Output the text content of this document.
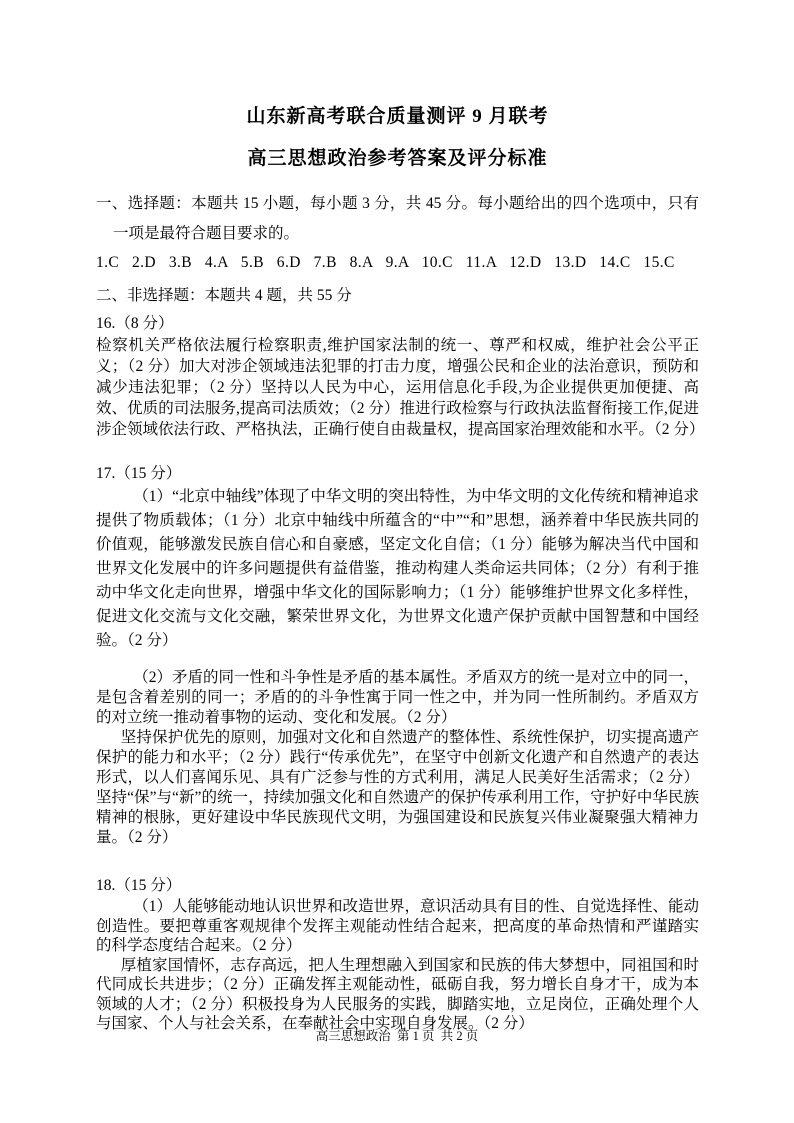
山东新高考联合质量测评 9 月联考
高三思想政治参考答案及评分标准

一、选择题：本题共 15 小题，每小题 3 分，共 45 分。每小题给出的四个选项中，只有一项是最符合题目要求的。

1.C   2.D   3.B   4.A   5.B   6.D   7.B   8.A   9.A   10.C   11.A   12.D   13.D   14.C   15.C

二、非选择题：本题共 4 题，共 55 分

16.（8 分）

检察机关严格依法履行检察职责,维护国家法制的统一、尊严和权威，维护社会公平正义；（2 分）加大对涉企领域违法犯罪的打击力度，增强公民和企业的法治意识，预防和减少违法犯罪；（2 分）坚持以人民为中心，运用信息化手段,为企业提供更加便捷、高效、优质的司法服务,提高司法质效；（2 分）推进行政检察与行政执法监督衔接工作,促进涉企领域依法行政、严格执法，正确行使自由裁量权，提高国家治理效能和水平。（2 分）

17.（15 分）

（1）“北京中轴线”体现了中华文明的突出特性，为中华文明的文化传统和精神追求提供了物质载体；（1 分）北京中轴线中所蕴含的“中”“和”思想，涵养着中华民族共同的价值观，能够激发民族自信心和自豪感，坚定文化自信；（1 分）能够为解决当代中国和世界文化发展中的许多问题提供有益借鉴，推动构建人类命运共同体；（2 分）有利于推动中华文化走向世界，增强中华文化的国际影响力；（1 分）能够维护世界文化多样性，促进文化交流与文化交融，繁荣世界文化，为世界文化遗产保护贡献中国智慧和中国经验。（2 分）

（2）矛盾的同一性和斗争性是矛盾的基本属性。矛盾双方的统一是对立中的同一，是包含着差别的同一；矛盾的的斗争性寓于同一性之中，并为同一性所制约。矛盾双方的对立统一推动着事物的运动、变化和发展。（2 分）

坚持保护优先的原则，加强对文化和自然遗产的整体性、系统性保护，切实提高遗产保护的能力和水平；（2 分）践行“传承优先”，在坚守中创新文化遗产和自然遗产的表达形式，以人们喜闻乐见、具有广泛参与性的方式利用，满足人民美好生活需求；（2 分）坚持“保”与“新”的统一，持续加强文化和自然遗产的保护传承利用工作，守护好中华民族精神的根脉，更好建设中华民族现代文明，为强国建设和民族复兴伟业凝聚强大精神力量。（2 分）

18.（15 分）

（1）人能够能动地认识世界和改造世界，意识活动具有目的性、自觉选择性、能动创造性。要把尊重客观规律个发挥主观能动性结合起来，把高度的革命热情和严谨踏实的科学态度结合起来。（2 分）

厚植家国情怀，志存高远，把人生理想融入到国家和民族的伟大梦想中，同祖国和时代同成长共进步；（2 分）正确发挥主观能动性，砥砺自我，努力增长自身才干，成为本领域的人才；（2 分）积极投身为人民服务的实践，脚踏实地，立足岗位，正确处理个人与国家、个人与社会关系，在奉献社会中实现自身发展。（2 分）

高三思想政治  第 1 页  共 2 页
